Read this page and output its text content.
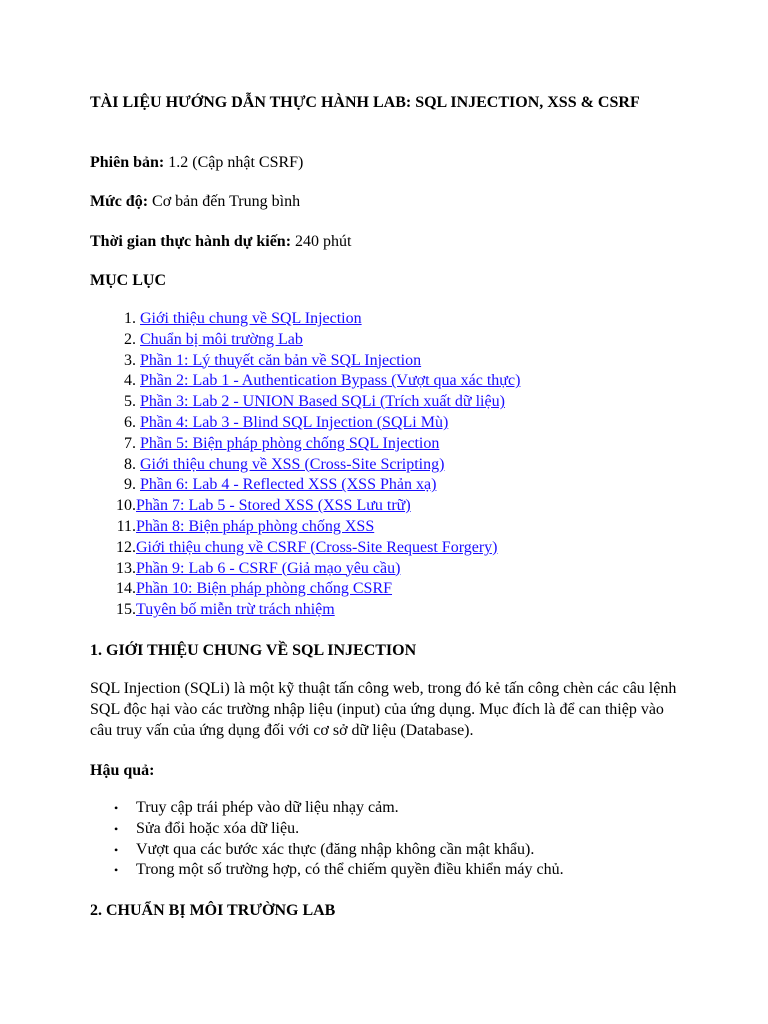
TÀI LIỆU HƯỚNG DẪN THỰC HÀNH LAB: SQL INJECTION, XSS & CSRF

Phiên bản: 1.2 (Cập nhật CSRF)

Mức độ: Cơ bản đến Trung bình

Thời gian thực hành dự kiến: 240 phút

MỤC LỤC
1. Giới thiệu chung về SQL Injection
2. Chuẩn bị môi trường Lab
3. Phần 1: Lý thuyết căn bản về SQL Injection
4. Phần 2: Lab 1 - Authentication Bypass (Vượt qua xác thực)
5. Phần 3: Lab 2 - UNION Based SQLi (Trích xuất dữ liệu)
6. Phần 4: Lab 3 - Blind SQL Injection (SQLi Mù)
7. Phần 5: Biện pháp phòng chống SQL Injection
8. Giới thiệu chung về XSS (Cross-Site Scripting)
9. Phần 6: Lab 4 - Reflected XSS (XSS Phản xạ)
10.Phần 7: Lab 5 - Stored XSS (XSS Lưu trữ)
11.Phần 8: Biện pháp phòng chống XSS
12.Giới thiệu chung về CSRF (Cross-Site Request Forgery)
13.Phần 9: Lab 6 - CSRF (Giả mạo yêu cầu)
14.Phần 10: Biện pháp phòng chống CSRF
15.Tuyên bố miễn trừ trách nhiệm
1. GIỚI THIỆU CHUNG VỀ SQL INJECTION

SQL Injection (SQLi) là một kỹ thuật tấn công web, trong đó kẻ tấn công chèn các câu lệnh SQL độc hại vào các trường nhập liệu (input) của ứng dụng. Mục đích là để can thiệp vào câu truy vấn của ứng dụng đối với cơ sở dữ liệu (Database).

Hậu quả:
• Truy cập trái phép vào dữ liệu nhạy cảm.
• Sửa đổi hoặc xóa dữ liệu.
• Vượt qua các bước xác thực (đăng nhập không cần mật khẩu).
• Trong một số trường hợp, có thể chiếm quyền điều khiển máy chủ.
2. CHUẨN BỊ MÔI TRƯỜNG LAB
